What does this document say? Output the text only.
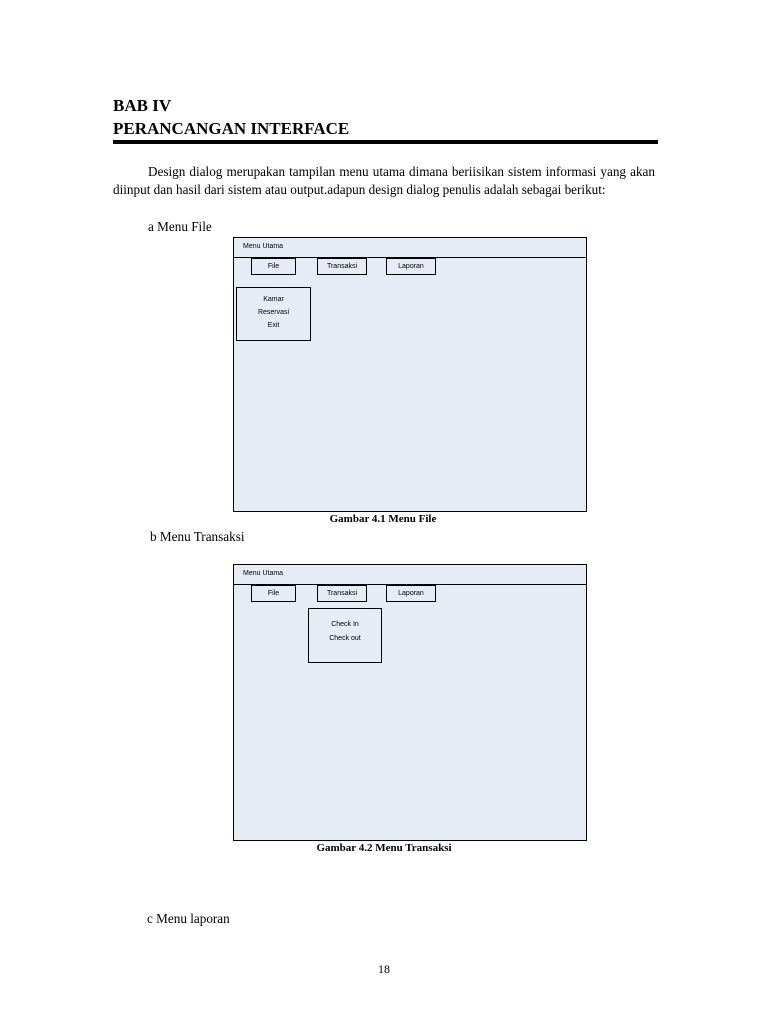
BAB IV
PERANCANGAN INTERFACE
Design dialog merupakan tampilan menu utama dimana beriisikan sistem informasi yang akan diinput dan hasil dari sistem atau output.adapun design dialog penulis adalah sebagai berikut:
a Menu File
Menu Utama
File	Transaksi	Laporan
Kamar
Reservasi
Exit
Gambar 4.1 Menu File
b Menu Transaksi
Menu Utama
File	Transaksi	Laporan
Check In
Check out
Gambar 4.2 Menu Transaksi
c Menu laporan
18
